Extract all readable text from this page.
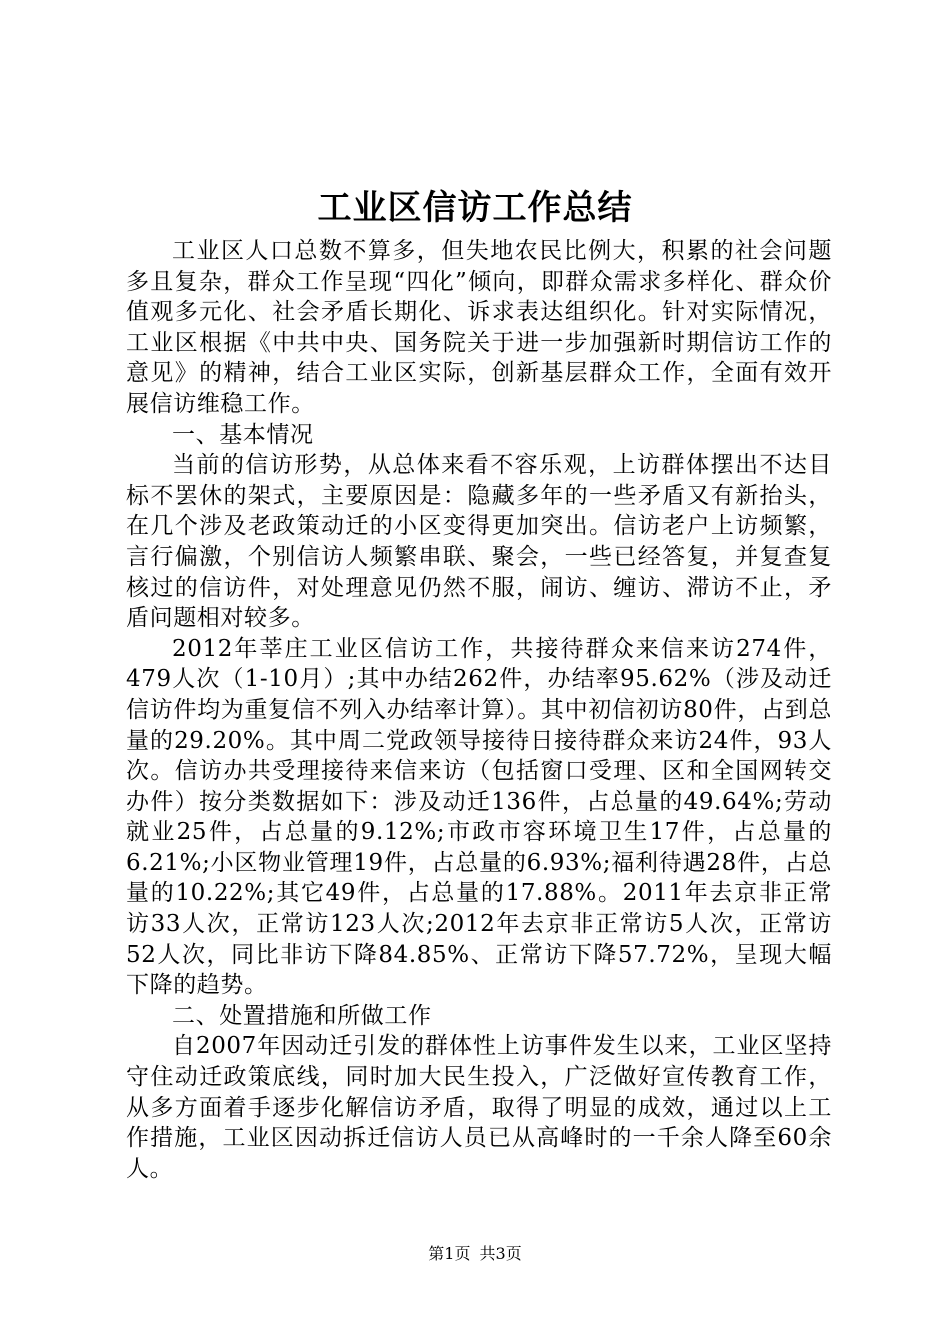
工业区信访工作总结

工业区人口总数不算多，但失地农民比例大，积累的社会问题多且复杂，群众工作呈现“四化”倾向，即群众需求多样化、群众价值观多元化、社会矛盾长期化、诉求表达组织化。针对实际情况，工业区根据《中共中央、国务院关于进一步加强新时期信访工作的意见》的精神，结合工业区实际，创新基层群众工作，全面有效开展信访维稳工作。

一、基本情况

当前的信访形势，从总体来看不容乐观，上访群体摆出不达目标不罢休的架式，主要原因是：隐藏多年的一些矛盾又有新抬头，在几个涉及老政策动迁的小区变得更加突出。信访老户上访频繁，言行偏激，个别信访人频繁串联、聚会，一些已经答复，并复查复核过的信访件，对处理意见仍然不服，闹访、缠访、滞访不止，矛盾问题相对较多。

2012年莘庄工业区信访工作，共接待群众来信来访274件，479人次（1-10月）;其中办结262件，办结率95.62%（涉及动迁信访件均为重复信不列入办结率计算）。其中初信初访80件，占到总量的29.20%。其中周二党政领导接待日接待群众来访24件，93人次。信访办共受理接待来信来访（包括窗口受理、区和全国网转交办件）按分类数据如下：涉及动迁136件，占总量的49.64%;劳动就业25件，占总量的9.12%;市政市容环境卫生17件，占总量的6.21%;小区物业管理19件，占总量的6.93%;福利待遇28件，占总量的10.22%;其它49件，占总量的17.88%。2011年去京非正常访33人次，正常访123人次;2012年去京非正常访5人次，正常访52人次，同比非访下降84.85%、正常访下降57.72%，呈现大幅下降的趋势。

二、处置措施和所做工作

自2007年因动迁引发的群体性上访事件发生以来，工业区坚持守住动迁政策底线，同时加大民生投入，广泛做好宣传教育工作，从多方面着手逐步化解信访矛盾，取得了明显的成效，通过以上工作措施，工业区因动拆迁信访人员已从高峰时的一千余人降至60余人。

第1页 共3页
